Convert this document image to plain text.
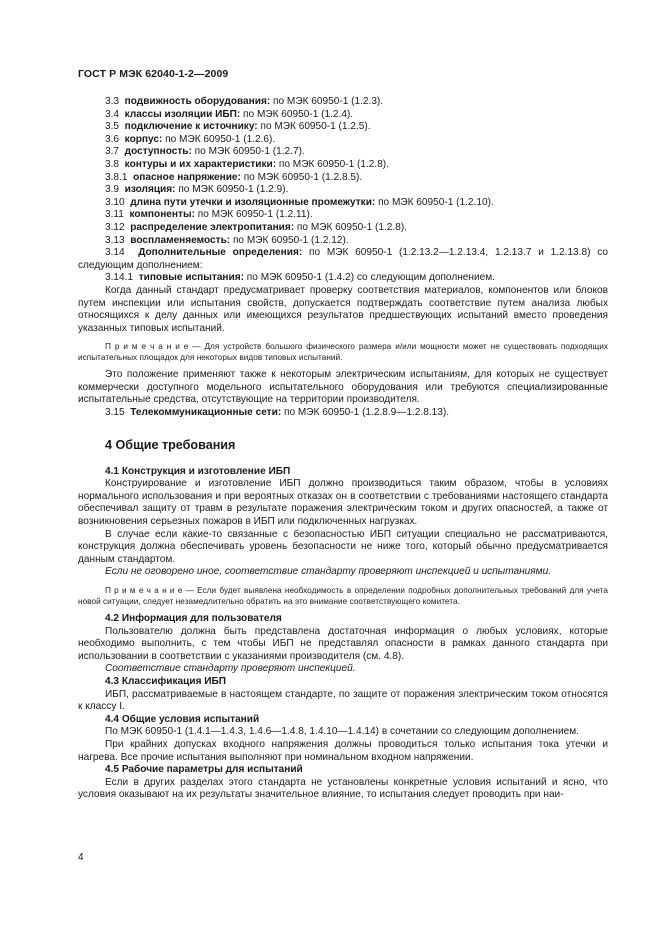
ГОСТ Р МЭК 62040-1-2—2009

3.3 подвижность оборудования: по МЭК 60950-1 (1.2.3).

3.4 классы изоляции ИБП: по МЭК 60950-1 (1.2.4).

3.5 подключение к источнику: по МЭК 60950-1 (1.2.5).

3.6 корпус: по МЭК 60950-1 (1.2.6).

3.7 доступность: по МЭК 60950-1 (1.2.7).

3.8 контуры и их характеристики: по МЭК 60950-1 (1.2.8).

3.8.1 опасное напряжение: по МЭК 60950-1 (1.2.8.5).

3.9 изоляция: по МЭК 60950-1 (1.2.9).

3.10 длина пути утечки и изоляционные промежутки: по МЭК 60950-1 (1.2.10).

3.11 компоненты: по МЭК 60950-1 (1.2.11).

3.12 распределение электропитания: по МЭК 60950-1 (1.2.8).

3.13 воспламеняемость: по МЭК 60950-1 (1.2.12).

3.14 Дополнительные определения: по МЭК 60950-1 (1.2.13.2—1.2.13.4, 1.2.13.7 и 1.2.13.8) со следующим дополнением:

3.14.1 типовые испытания: по МЭК 60950-1 (1.4.2) со следующим дополнением.

Когда данный стандарт предусматривает проверку соответствия материалов, компонентов или блоков путем инспекции или испытания свойств, допускается подтверждать соответствие путем анализа любых относящихся к делу данных или имеющихся результатов предшествующих испытаний вместо проведения указанных типовых испытаний.

П р и м е ч а н и е — Для устройств большого физического размера и/или мощности может не существовать подходящих испытательных площадок для некоторых видов типовых испытаний.

Это положение применяют также к некоторым электрическим испытаниям, для которых не существует коммерчески доступного модельного испытательного оборудования или требуются специализированные испытательные средства, отсутствующие на территории производителя.

3.15 Телекоммуникационные сети: по МЭК 60950-1 (1.2.8.9—1.2.8.13).

4 Общие требования

4.1 Конструкция и изготовление ИБП

Конструирование и изготовление ИБП должно производиться таким образом, чтобы в условиях нормального использования и при вероятных отказах он в соответствии с требованиями настоящего стандарта обеспечивал защиту от травм в результате поражения электрическим током и других опасностей, а также от возникновения серьезных пожаров в ИБП или подключенных нагрузках.

В случае если какие-то связанные с безопасностью ИБП ситуации специально не рассматриваются, конструкция должна обеспечивать уровень безопасности не ниже того, который обычно предусматривается данным стандартом.

Если не оговорено иное, соответствие стандарту проверяют инспекцией и испытаниями.

П р и м е ч а н и е — Если будет выявлена необходимость в определении подробных дополнительных требований для учета новой ситуации, следует незамедлительно обратить на это внимание соответствующего комитета.

4.2 Информация для пользователя

Пользователю должна быть представлена достаточная информация о любых условиях, которые необходимо выполнить, с тем чтобы ИБП не представлял опасности в рамках данного стандарта при использовании в соответствии с указаниями производителя (см. 4.8).

Соответствие стандарту проверяют инспекцией.

4.3 Классификация ИБП

ИБП, рассматриваемые в настоящем стандарте, по защите от поражения электрическим током относятся к классу I.

4.4 Общие условия испытаний

По МЭК 60950-1 (1.4.1—1.4.3, 1.4.6—1.4.8, 1.4.10—1.4.14) в сочетании со следующим дополнением.

При крайних допусках входного напряжения должны проводиться только испытания тока утечки и нагрева. Все прочие испытания выполняют при номинальном входном напряжении.

4.5 Рабочие параметры для испытаний

Если в других разделах этого стандарта не установлены конкретные условия испытаний и ясно, что условия оказывают на их результаты значительное влияние, то испытания следует проводить при наи-

4
